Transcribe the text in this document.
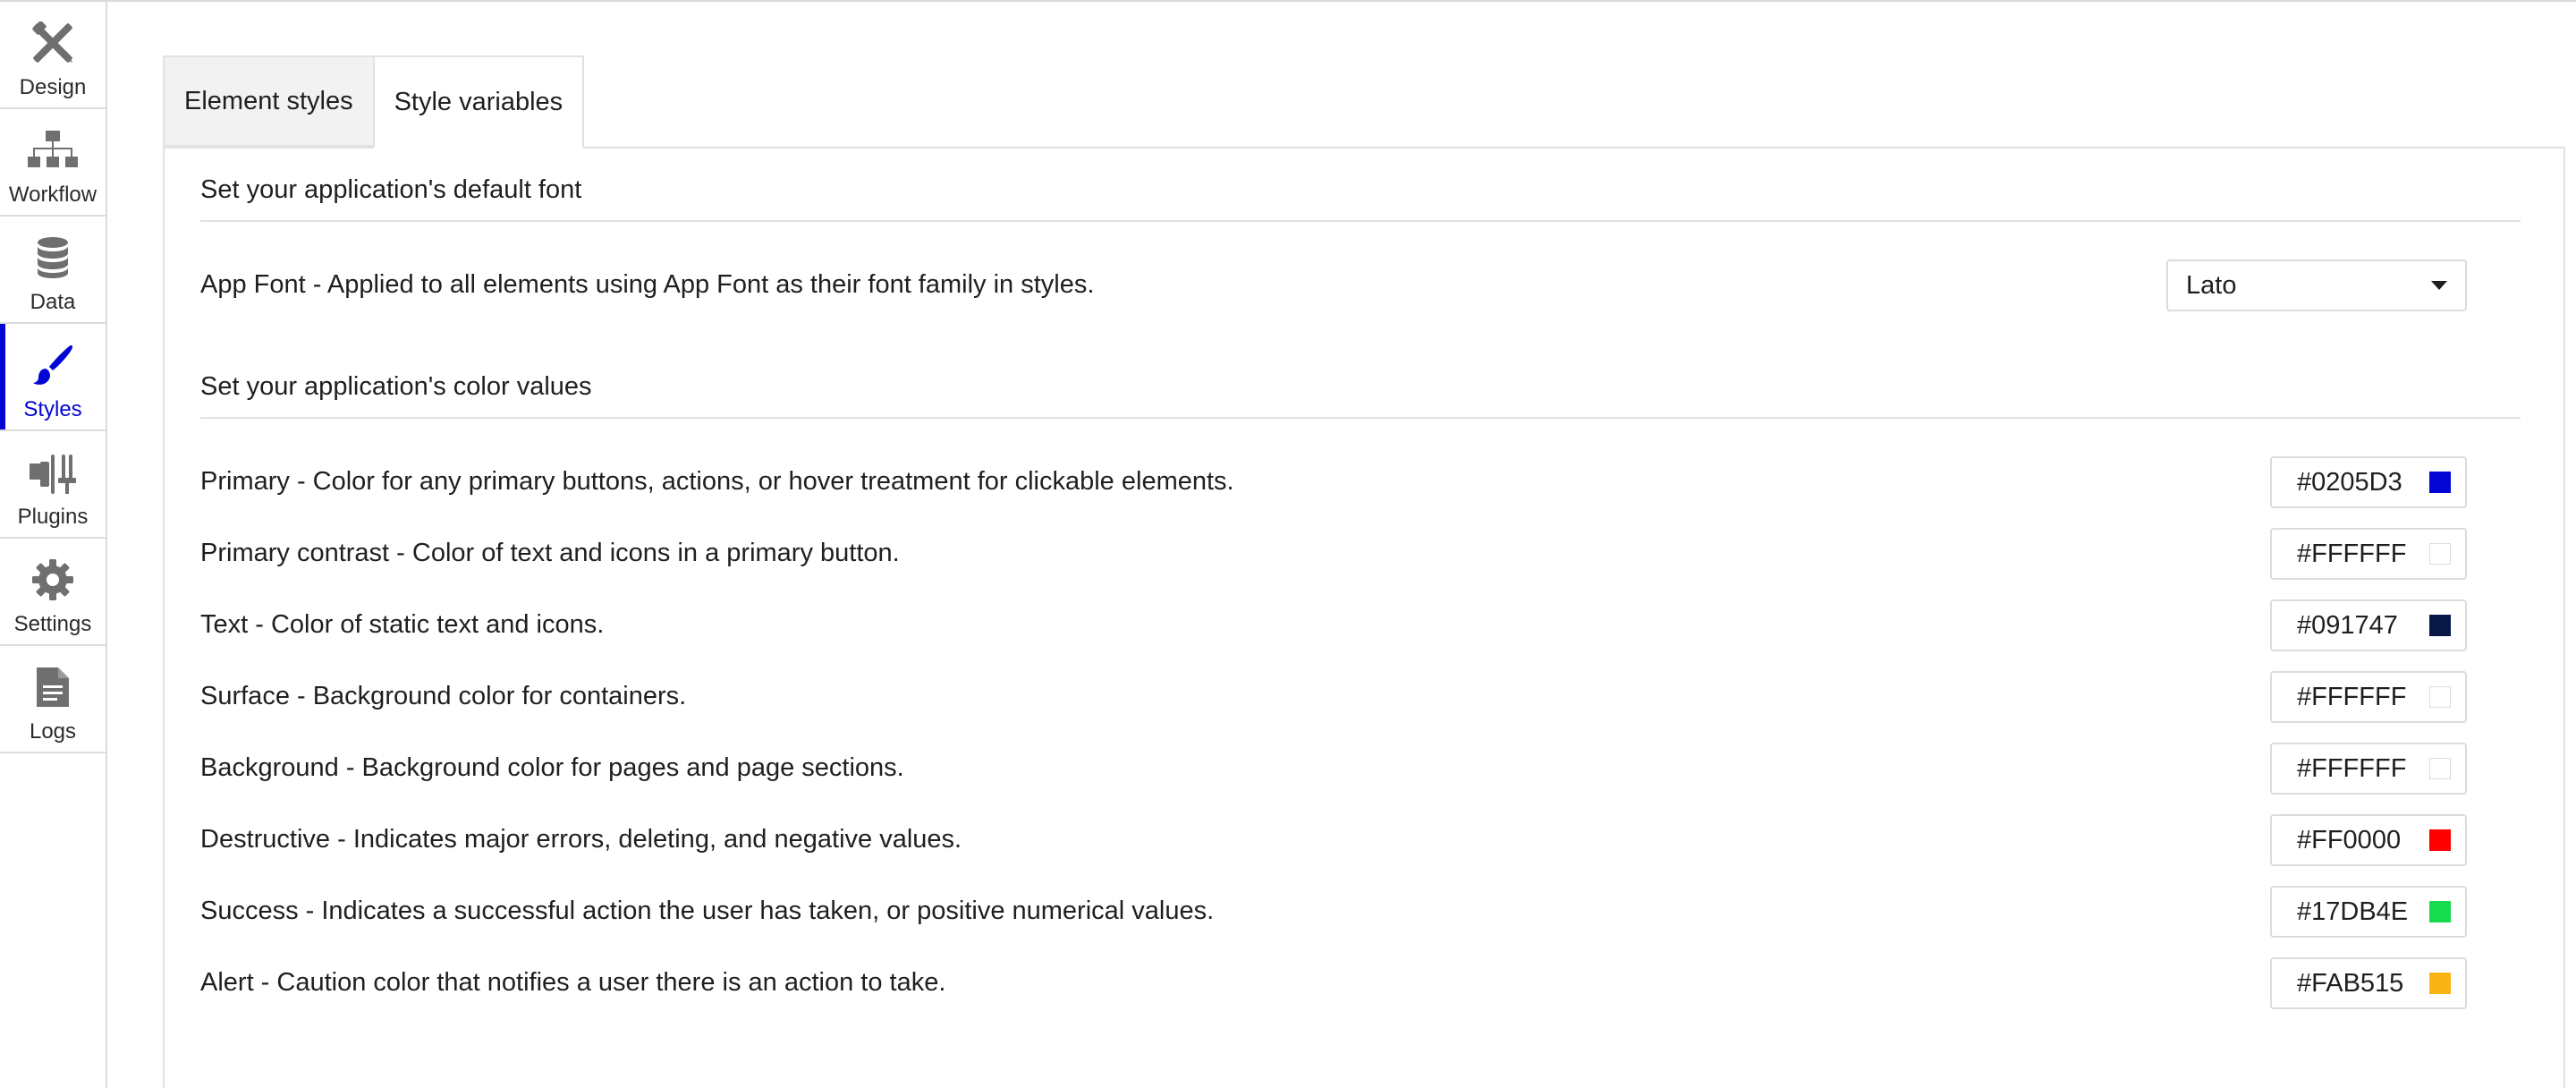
Design
Workflow
Data
Styles
Plugins
Settings
Logs
Element styles	Style variables
Set your application's default font
App Font - Applied to all elements using App Font as their font family in styles.	Lato
Set your application's color values
Primary - Color for any primary buttons, actions, or hover treatment for clickable elements.	#0205D3
Primary contrast - Color of text and icons in a primary button.	#FFFFFF
Text - Color of static text and icons.	#091747
Surface - Background color for containers.	#FFFFFF
Background - Background color for pages and page sections.	#FFFFFF
Destructive - Indicates major errors, deleting, and negative values.	#FF0000
Success - Indicates a successful action the user has taken, or positive numerical values.	#17DB4E
Alert - Caution color that notifies a user there is an action to take.	#FAB515
